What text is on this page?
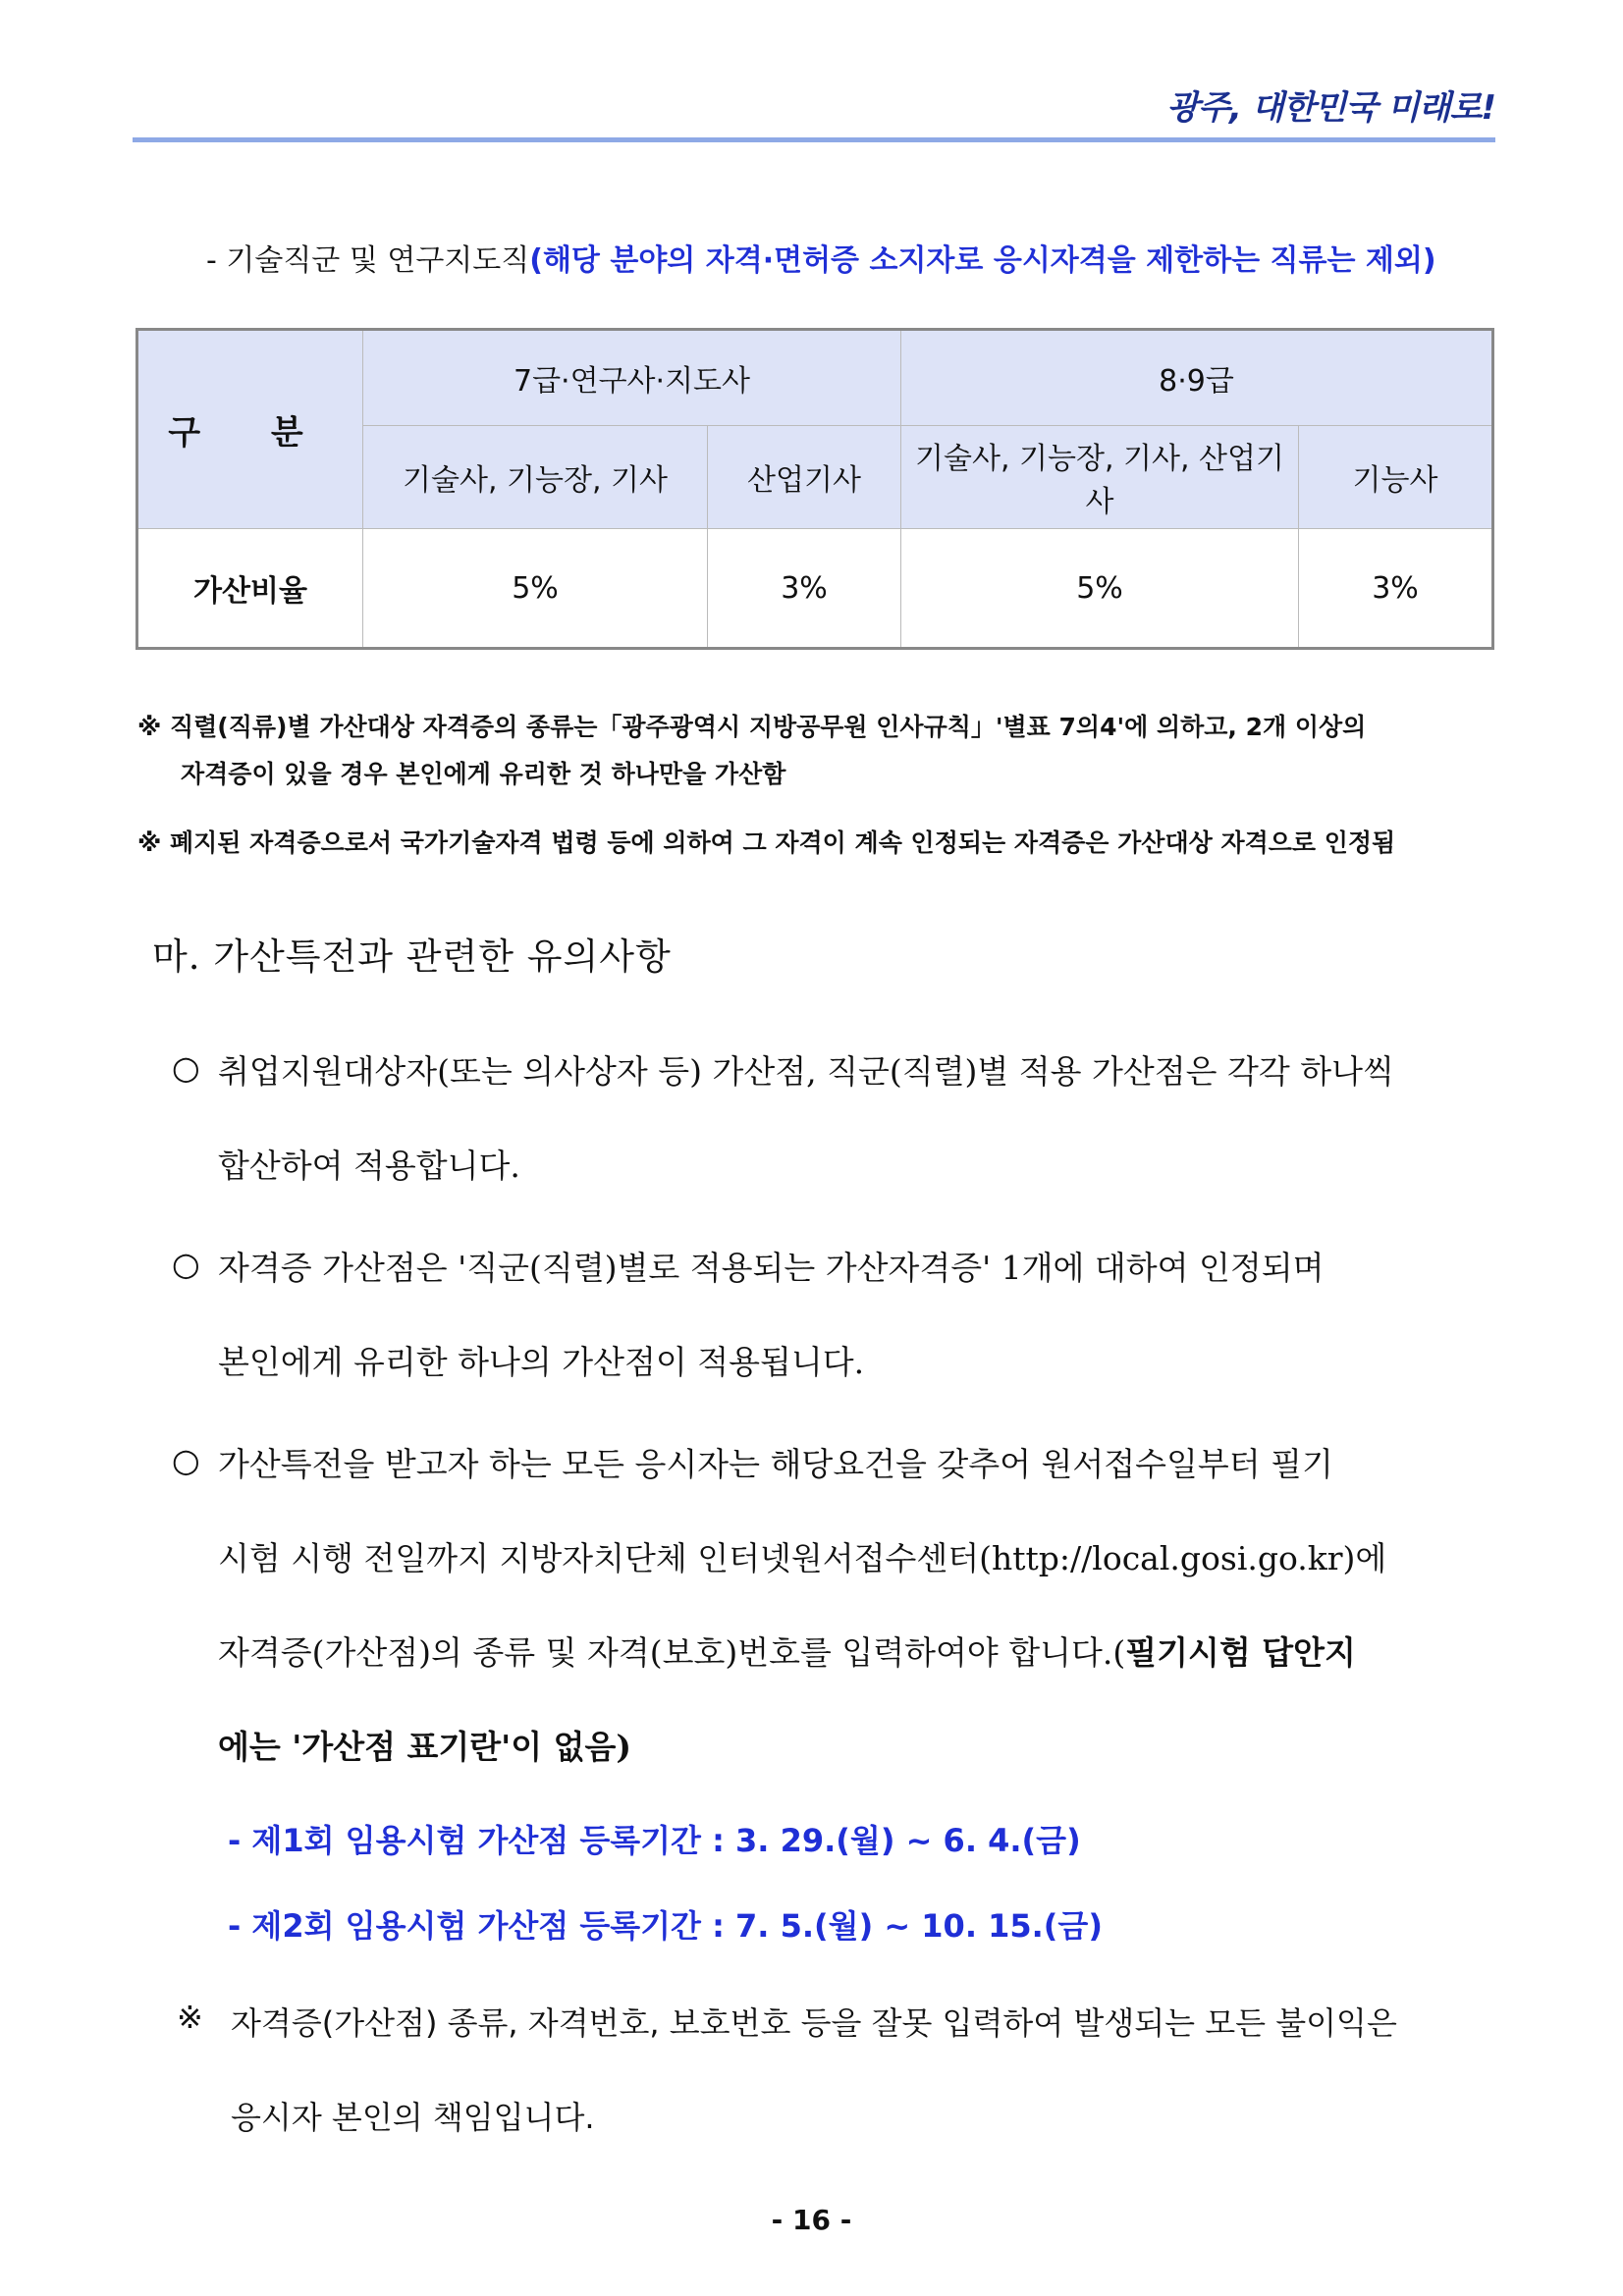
광주, 대한민국 미래로!
- 기술직군 및 연구지도직(해당 분야의 자격·면허증 소지자로 응시자격을 제한하는 직류는 제외)
구 분	7급·연구사·지도사		8·9급	
	기술사, 기능장, 기사	산업기사	기술사, 기능장, 기사, 산업기사	기능사
가산비율	5%	3%	5%	3%
※ 직렬(직류)별 가산대상 자격증의 종류는「광주광역시 지방공무원 인사규칙」'별표 7의4'에 의하고, 2개 이상의
자격증이 있을 경우 본인에게 유리한 것 하나만을 가산함
※ 폐지된 자격증으로서 국가기술자격 법령 등에 의하여 그 자격이 계속 인정되는 자격증은 가산대상 자격으로 인정됨
마. 가산특전과 관련한 유의사항
○ 취업지원대상자(또는 의사상자 등) 가산점, 직군(직렬)별 적용 가산점은 각각 하나씩
합산하여 적용합니다.
○ 자격증 가산점은 '직군(직렬)별로 적용되는 가산자격증' 1개에 대하여 인정되며
본인에게 유리한 하나의 가산점이 적용됩니다.
○ 가산특전을 받고자 하는 모든 응시자는 해당요건을 갖추어 원서접수일부터 필기
시험 시행 전일까지 지방자치단체 인터넷원서접수센터(http://local.gosi.go.kr)에
자격증(가산점)의 종류 및 자격(보호)번호를 입력하여야 합니다.(필기시험 답안지
에는 '가산점 표기란'이 없음)
- 제1회 임용시험 가산점 등록기간 : 3. 29.(월) ~ 6. 4.(금)
- 제2회 임용시험 가산점 등록기간 : 7. 5.(월) ~ 10. 15.(금)
※ 자격증(가산점) 종류, 자격번호, 보호번호 등을 잘못 입력하여 발생되는 모든 불이익은
응시자 본인의 책임입니다.
- 16 -
